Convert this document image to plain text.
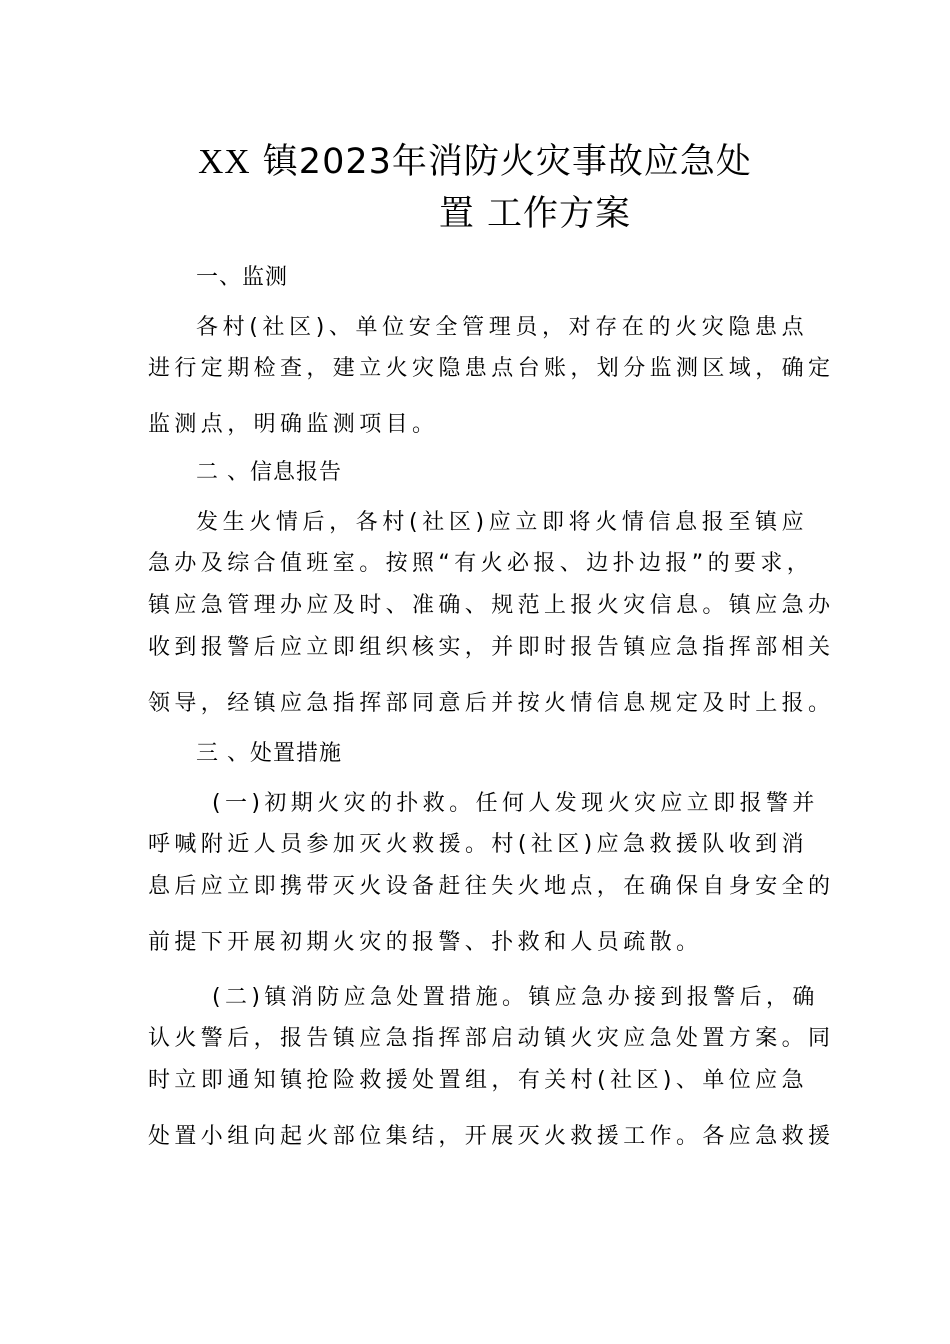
XX 镇2023年消防火灾事故应急处
置 工作方案
一、监测
各村(社区)、单位安全管理员，对存在的火灾隐患点
进行定期检查，建立火灾隐患点台账，划分监测区域，确定
监测点，明确监测项目。
二 、信息报告
发生火情后，各村(社区)应立即将火情信息报至镇应
急办及综合值班室。按照“有火必报、边扑边报”的要求，
镇应急管理办应及时、准确、规范上报火灾信息。镇应急办
收到报警后应立即组织核实，并即时报告镇应急指挥部相关
领导，经镇应急指挥部同意后并按火情信息规定及时上报。
三 、处置措施
(一)初期火灾的扑救。任何人发现火灾应立即报警并
呼喊附近人员参加灭火救援。村(社区)应急救援队收到消
息后应立即携带灭火设备赶往失火地点，在确保自身安全的
前提下开展初期火灾的报警、扑救和人员疏散。
(二)镇消防应急处置措施。镇应急办接到报警后，确
认火警后，报告镇应急指挥部启动镇火灾应急处置方案。同
时立即通知镇抢险救援处置组，有关村(社区)、单位应急
处置小组向起火部位集结，开展灭火救援工作。各应急救援
